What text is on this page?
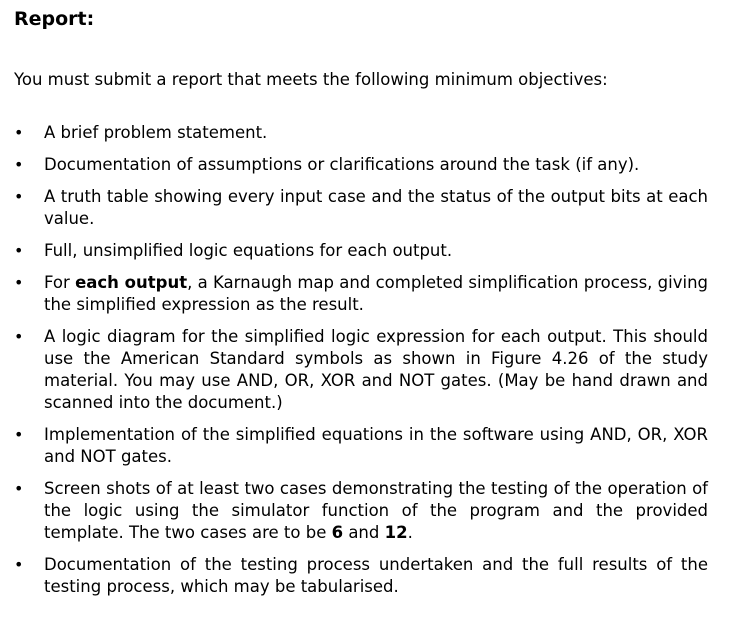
Report:

You must submit a report that meets the following minimum objectives:

•	A brief problem statement.
•	Documentation of assumptions or clarifications around the task (if any).
•	A truth table showing every input case and the status of the output bits at each value.
•	Full, unsimplified logic equations for each output.
•	For each output, a Karnaugh map and completed simplification process, giving the simplified expression as the result.
•	A logic diagram for the simplified logic expression for each output. This should use the American Standard symbols as shown in Figure 4.26 of the study material. You may use AND, OR, XOR and NOT gates. (May be hand drawn and scanned into the document.)
•	Implementation of the simplified equations in the software using AND, OR, XOR and NOT gates.
•	Screen shots of at least two cases demonstrating the testing of the operation of the logic using the simulator function of the program and the provided template. The two cases are to be 6 and 12.
•	Documentation of the testing process undertaken and the full results of the testing process, which may be tabularised.
